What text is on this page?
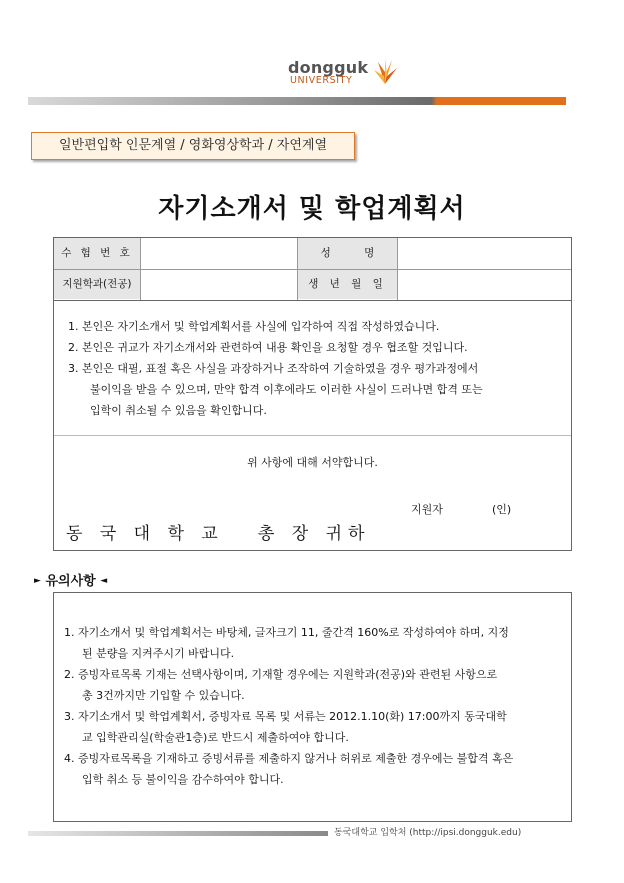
dongguk
UNIVERSITY
일반편입학 인문계열 / 영화영상학과 / 자연계열
자기소개서 및 학업계획서
수 험 번 호	성          명
지원학과(전공)	생 년 월 일
1. 본인은 자기소개서 및 학업계획서를 사실에 입각하여 직접 작성하였습니다.
2. 본인은 귀교가 자기소개서와 관련하여 내용 확인을 요청할 경우 협조할 것입니다.
3. 본인은 대필, 표절 혹은 사실을 과장하거나 조작하여 기술하였을 경우 평가과정에서
불이익을 받을 수 있으며, 만약 합격 이후에라도 이러한 사실이 드러나면 합격 또는
입학이 취소될 수 있음을 확인합니다.
위 사항에 대해 서약합니다.
지원자	(인)
동 국 대 학 교   총 장 귀하
► 유의사항 ◄
1. 자기소개서 및 학업계획서는 바탕체, 글자크기 11, 줄간격 160%로 작성하여야 하며, 지정
된 분량을 지켜주시기 바랍니다.
2. 증빙자료목록 기재는 선택사항이며, 기재할 경우에는 지원학과(전공)와 관련된 사항으로
총 3건까지만 기입할 수 있습니다.
3. 자기소개서 및 학업계획서, 증빙자료 목록 및 서류는 2012.1.10(화) 17:00까지 동국대학
교 입학관리실(학술관1층)로 반드시 제출하여야 합니다.
4. 증빙자료목록을 기재하고 증빙서류를 제출하지 않거나 허위로 제출한 경우에는 불합격 혹은
입학 취소 등 불이익을 감수하여야 합니다.
동국대학교 입학처 (http://ipsi.dongguk.edu)
